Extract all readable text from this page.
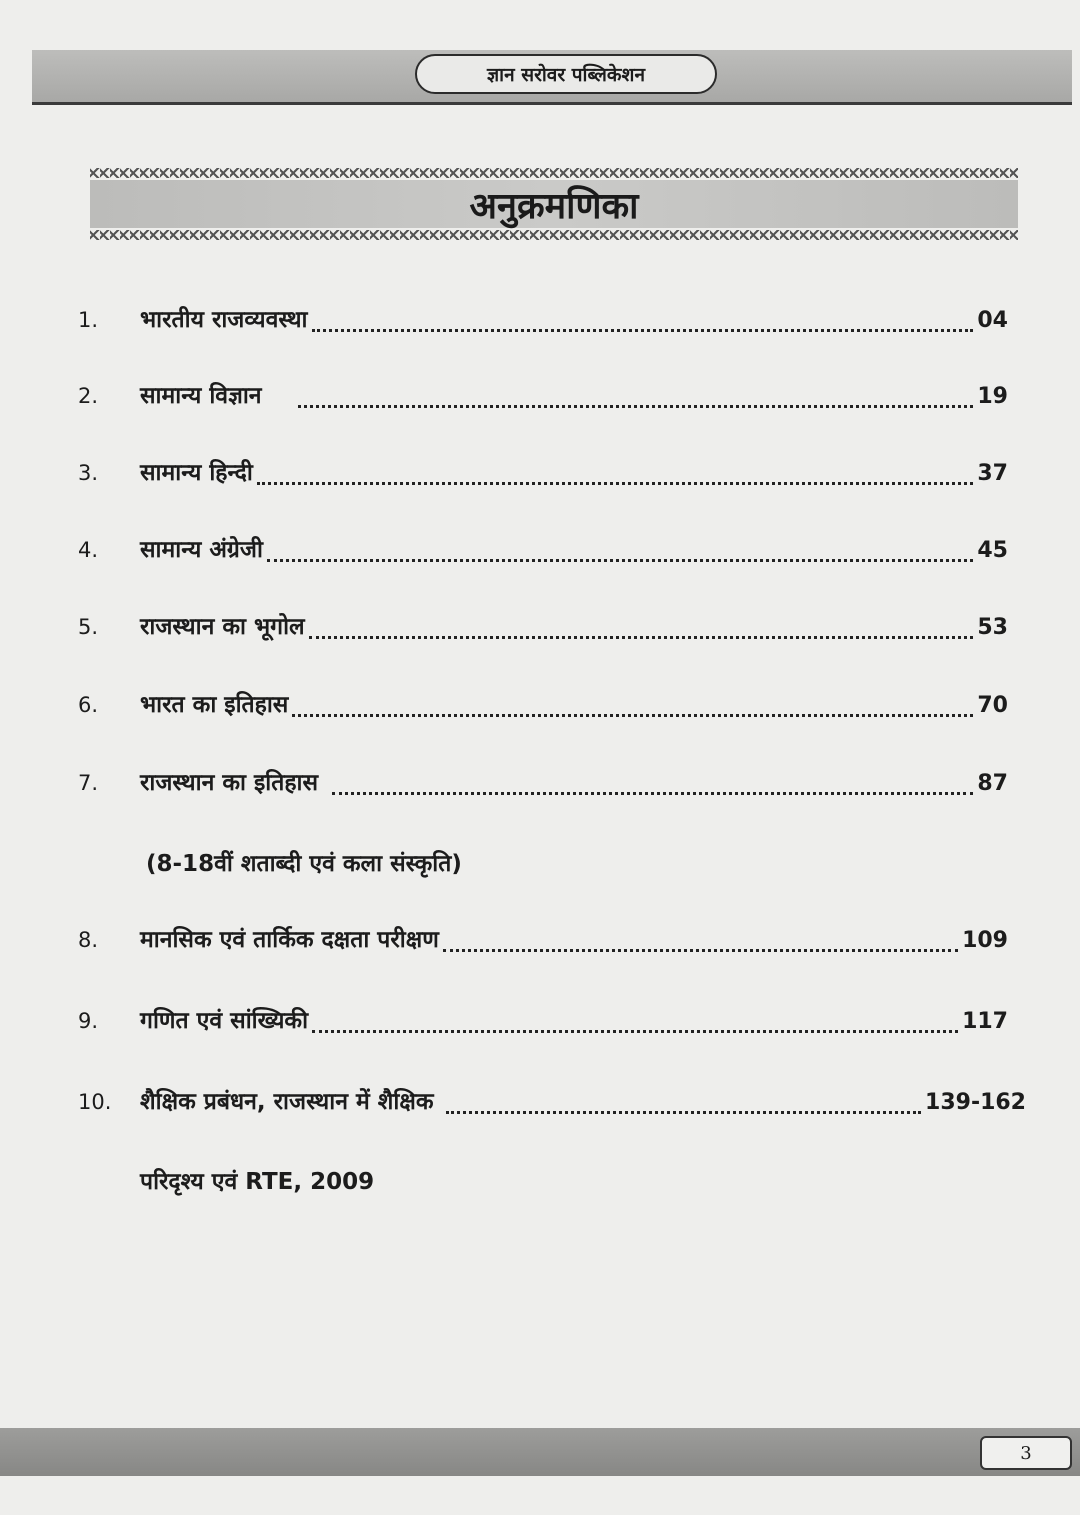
ज्ञान सरोवर पब्लिकेशन
अनुक्रमणिका
1.	भारतीय राजव्यवस्था	04
2.	सामान्य विज्ञान	19
3.	सामान्य हिन्दी	37
4.	सामान्य अंग्रेजी	45
5.	राजस्थान का भूगोल	53
6.	भारत का इतिहास	70
7.	राजस्थान का इतिहास	87
(8-18वीं शताब्दी एवं कला संस्कृति)
8.	मानसिक एवं तार्किक दक्षता परीक्षण	109
9.	गणित एवं सांख्यिकी	117
10.	शैक्षिक प्रबंधन, राजस्थान में शैक्षिक	139-162
परिदृश्य एवं RTE, 2009
3
